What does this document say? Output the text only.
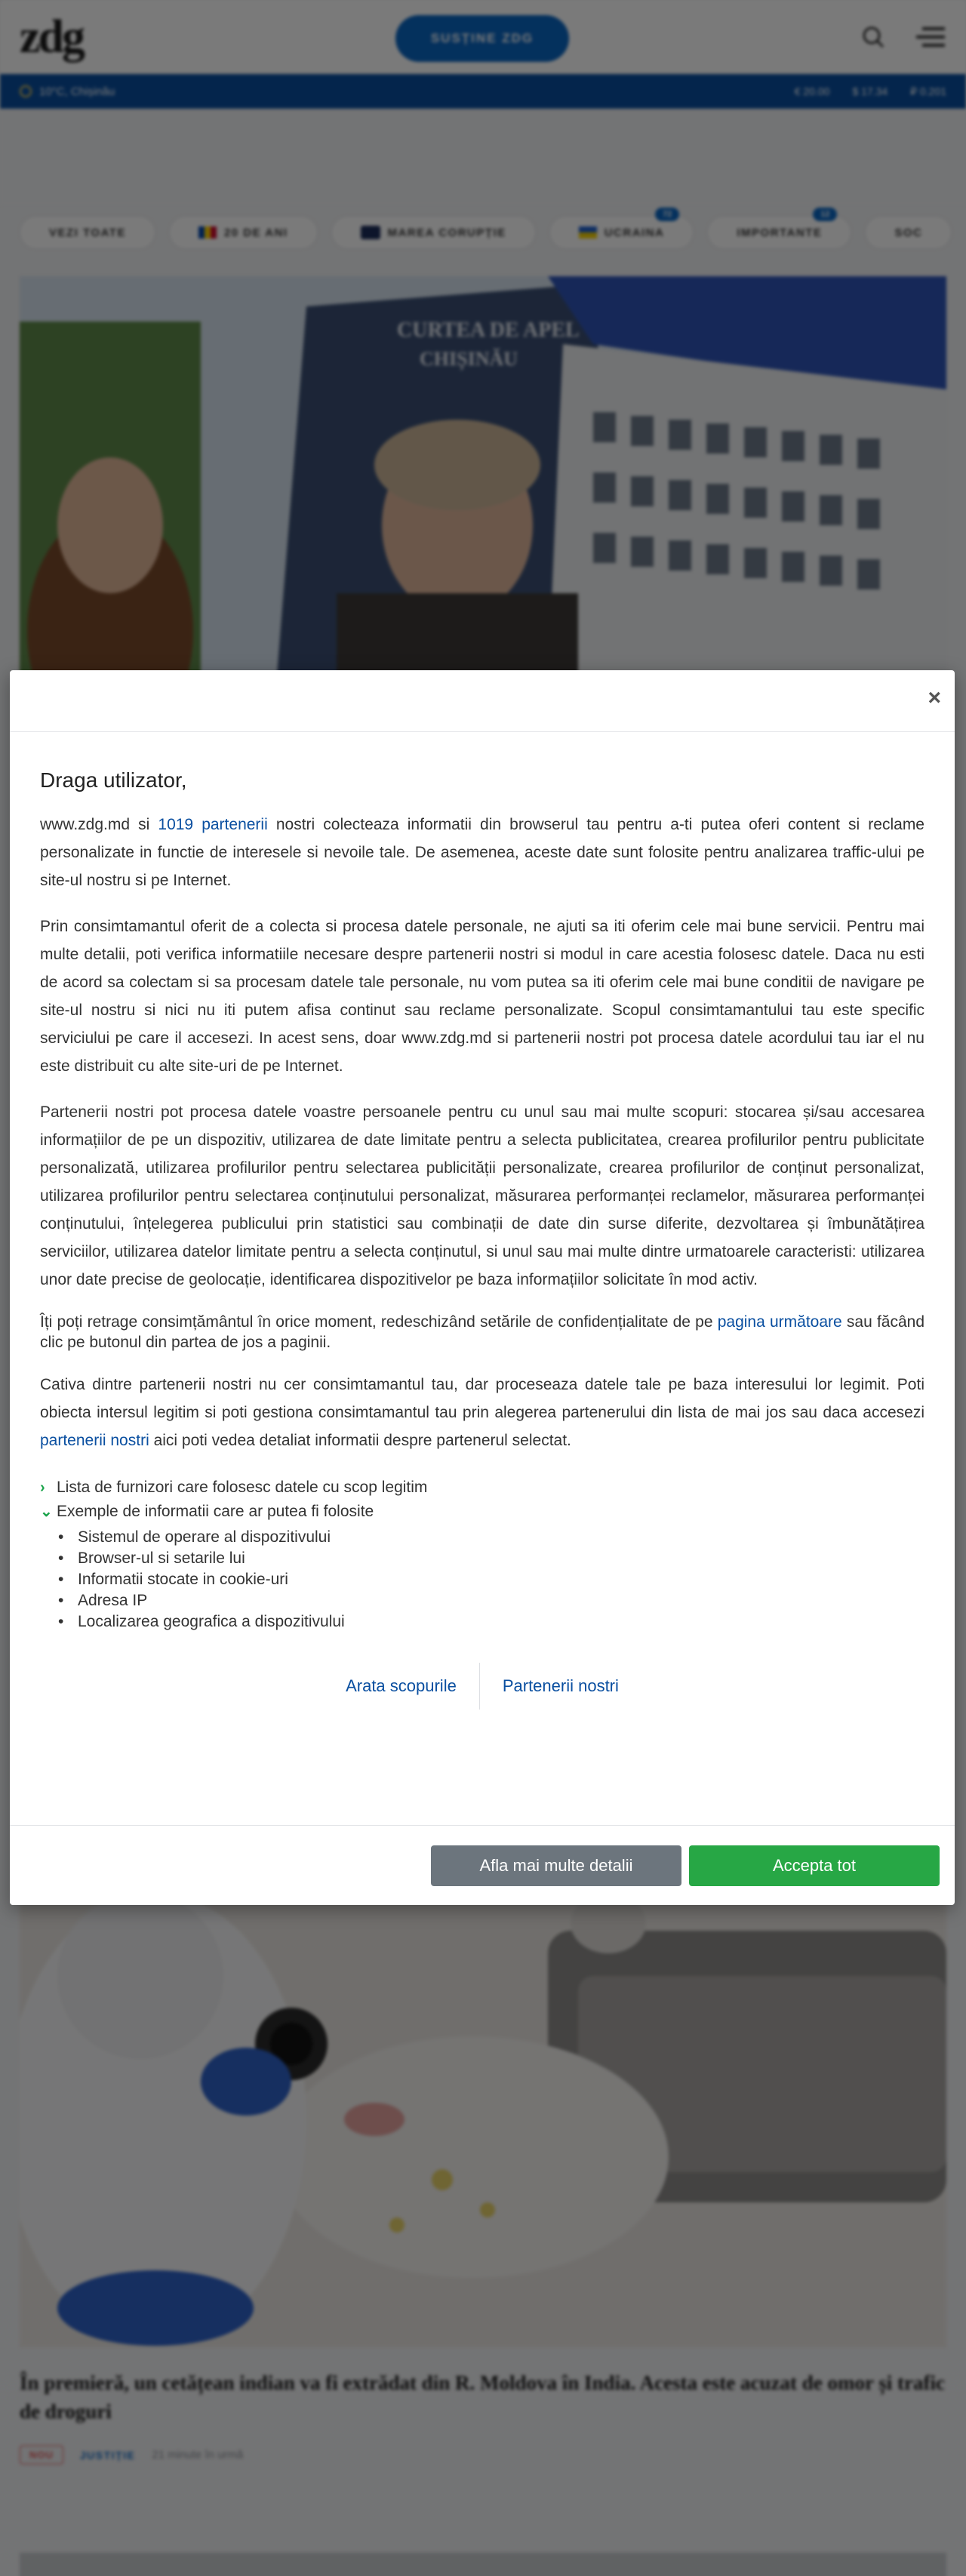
×
Draga utilizator,

www.zdg.md si 1019 partenerii nostri colecteaza informatii din browserul tau pentru a-ti putea oferi content si reclame personalizate in functie de interesele si nevoile tale. De asemenea, aceste date sunt folosite pentru analizarea traffic-ului pe site-ul nostru si pe Internet.

Prin consimtamantul oferit de a colecta si procesa datele personale, ne ajuti sa iti oferim cele mai bune servicii. Pentru mai multe detalii, poti verifica informatiile necesare despre partenerii nostri si modul in care acestia folosesc datele. Daca nu esti de acord sa colectam si sa procesam datele tale personale, nu vom putea sa iti oferim cele mai bune conditii de navigare pe site-ul nostru si nici nu iti putem afisa continut sau reclame personalizate. Scopul consimtamantului tau este specific serviciului pe care il accesezi. In acest sens, doar www.zdg.md si partenerii nostri pot procesa datele acordului tau iar el nu este distribuit cu alte site-uri de pe Internet.

Partenerii nostri pot procesa datele voastre persoanele pentru cu unul sau mai multe scopuri: stocarea și/sau accesarea informațiilor de pe un dispozitiv, utilizarea de date limitate pentru a selecta publicitatea, crearea profilurilor pentru publicitate personalizată, utilizarea profilurilor pentru selectarea publicității personalizate, crearea profilurilor de conținut personalizat, utilizarea profilurilor pentru selectarea conținutului personalizat, măsurarea performanței reclamelor, măsurarea performanței conținutului, înțelegerea publicului prin statistici sau combinații de date din surse diferite, dezvoltarea și îmbunătățirea serviciilor, utilizarea datelor limitate pentru a selecta conținutul, si unul sau mai multe dintre urmatoarele caracteristi: utilizarea unor date precise de geolocație, identificarea dispozitivelor pe baza informațiilor solicitate în mod activ.

Îți poți retrage consimțământul în orice moment, redeschizând setările de confidențialitate de pe pagina următoare sau făcând clic pe butonul din partea de jos a paginii.

Cativa dintre partenerii nostri nu cer consimtamantul tau, dar proceseaza datele tale pe baza interesului lor legimit. Poti obiecta intersul legitim si poti gestiona consimtamantul tau prin alegerea partenerului din lista de mai jos sau daca accesezi partenerii nostri aici poti vedea detaliat informatii despre partenerul selectat.

› Lista de furnizori care folosesc datele cu scop legitim
⌄ Exemple de informatii care ar putea fi folosite
• Sistemul de operare al dispozitivului
• Browser-ul si setarile lui
• Informatii stocate in cookie-uri
• Adresa IP
• Localizarea geografica a dispozitivului
Arata scopurile	Partenerii nostri
Afla mai multe detalii	Accepta tot
